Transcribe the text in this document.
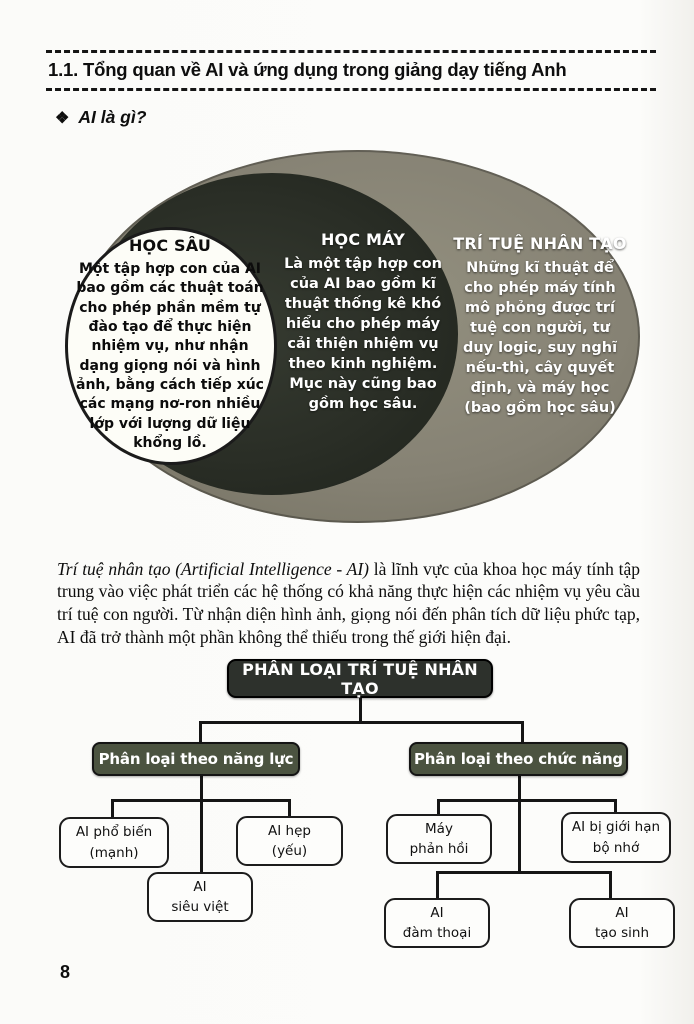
1.1. Tổng quan về AI và ứng dụng trong giảng dạy tiếng Anh
❖ AI là gì?
HỌC SÂU
Một tập hợp con của AI bao gồm các thuật toán cho phép phần mềm tự đào tạo để thực hiện nhiệm vụ, như nhận dạng giọng nói và hình ảnh, bằng cách tiếp xúc các mạng nơ-ron nhiều lớp với lượng dữ liệu khổng lồ.
HỌC MÁY
Là một tập hợp con của AI bao gồm kĩ thuật thống kê khó hiểu cho phép máy cải thiện nhiệm vụ theo kinh nghiệm. Mục này cũng bao gồm học sâu.
TRÍ TUỆ NHÂN TẠO
Những kĩ thuật để cho phép máy tính mô phỏng được trí tuệ con người, tư duy logic, suy nghĩ nếu-thì, cây quyết định, và máy học (bao gồm học sâu)

Trí tuệ nhân tạo (Artificial Intelligence - AI) là lĩnh vực của khoa học máy tính tập trung vào việc phát triển các hệ thống có khả năng thực hiện các nhiệm vụ yêu cầu trí tuệ con người. Từ nhận diện hình ảnh, giọng nói đến phân tích dữ liệu phức tạp, AI đã trở thành một phần không thể thiếu trong thế giới hiện đại.

PHÂN LOẠI TRÍ TUỆ NHÂN TẠO
Phân loại theo năng lực	Phân loại theo chức năng
AI phổ biến
(mạnh)
AI hẹp
(yếu)
AI
siêu việt
Máy
phản hồi
AI bị giới hạn
bộ nhớ
AI
đàm thoại
AI
tạo sinh
8
